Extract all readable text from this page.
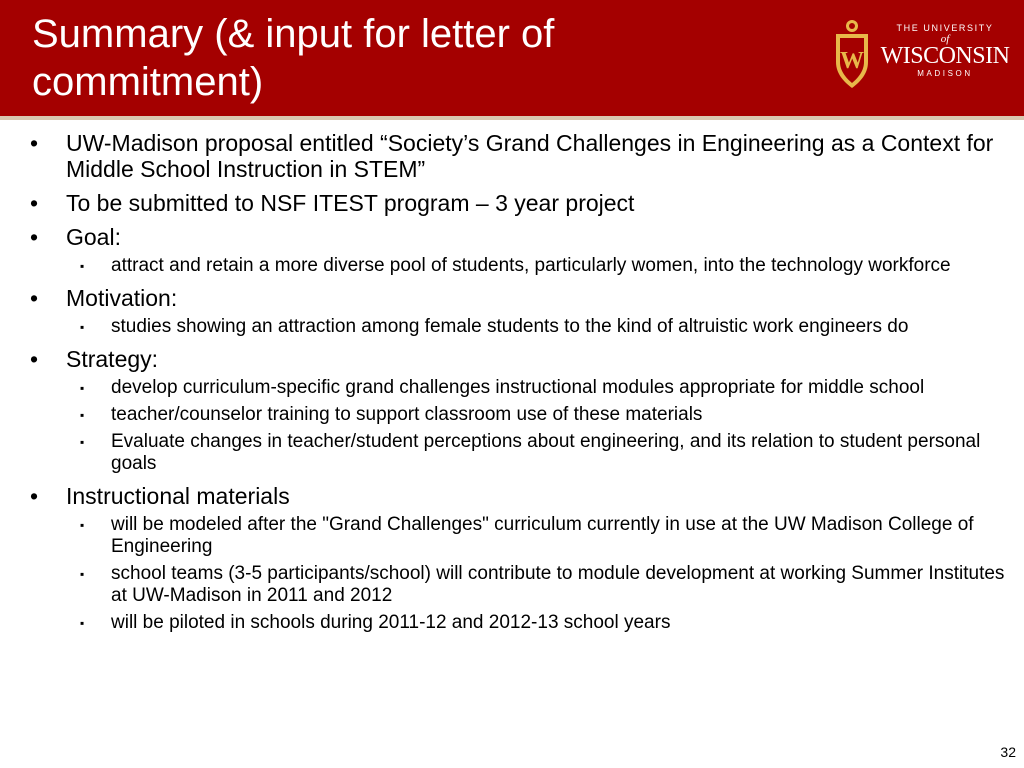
Summary (& input for letter of commitment)	W
THE UNIVERSITY
of
WISCONSIN
MADISON
• UW-Madison proposal entitled “Society’s Grand Challenges in Engineering as a Context for Middle School Instruction in STEM”
• To be submitted to NSF ITEST program – 3 year project
• Goal:
▪ attract and retain a more diverse pool of students, particularly women, into the technology workforce
• Motivation:
▪ studies showing an attraction among female students to the kind of altruistic work engineers do
• Strategy:
▪ develop curriculum-specific grand challenges instructional modules appropriate for middle school
▪ teacher/counselor training to support classroom use of these materials
▪ Evaluate changes in teacher/student perceptions about engineering, and its relation to student personal goals
• Instructional materials
▪ will be modeled after the "Grand Challenges" curriculum currently in use at the UW Madison College of Engineering
▪ school teams (3-5 participants/school) will contribute to module development at working Summer Institutes at UW-Madison in 2011 and 2012
▪ will be piloted in schools during 2011-12 and 2012-13 school years
32
